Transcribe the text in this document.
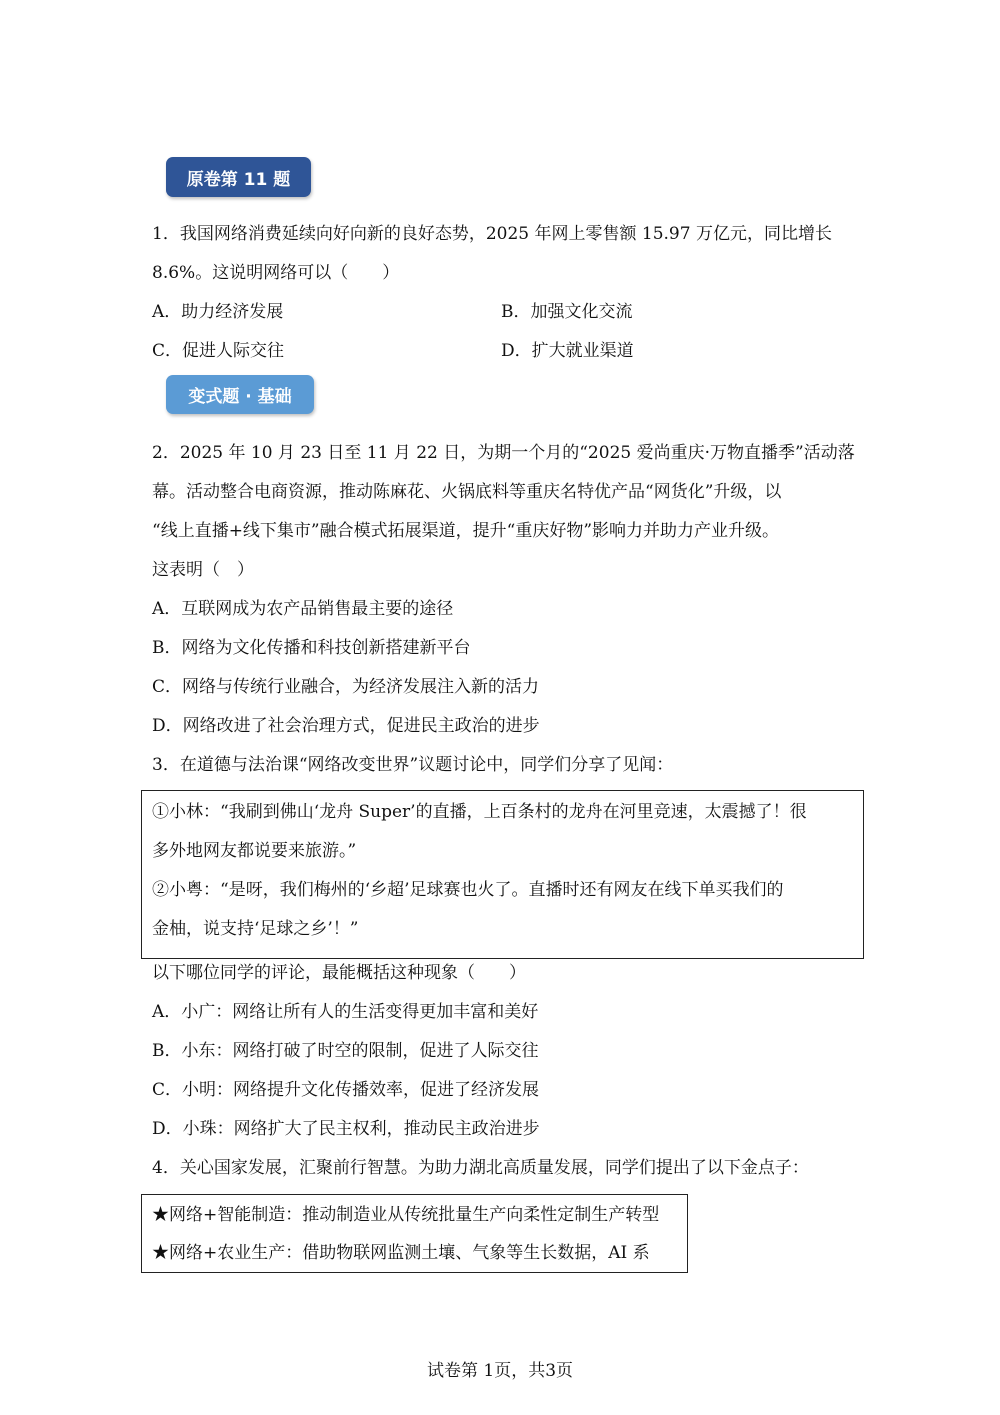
原卷第 11 题
1．我国网络消费延续向好向新的良好态势，2025 年网上零售额 15.97 万亿元，同比增长
8.6%。这说明网络可以（　　）
A．助力经济发展	B．加强文化交流
C．促进人际交往	D．扩大就业渠道
变式题 · 基础
2．2025 年 10 月 23 日至 11 月 22 日，为期一个月的“2025 爱尚重庆·万物直播季”活动落
幕。活动整合电商资源，推动陈麻花、火锅底料等重庆名特优产品“网货化”升级，以
“线上直播+线下集市”融合模式拓展渠道，提升“重庆好物”影响力并助力产业升级。
这表明（　）
A．互联网成为农产品销售最主要的途径
B．网络为文化传播和科技创新搭建新平台
C．网络与传统行业融合，为经济发展注入新的活力
D．网络改进了社会治理方式，促进民主政治的进步
3．在道德与法治课“网络改变世界”议题讨论中，同学们分享了见闻：
①小林：“我刷到佛山‘龙舟 Super’的直播，上百条村的龙舟在河里竞速，太震撼了！很
多外地网友都说要来旅游。”
②小粤：“是呀，我们梅州的‘乡超’足球赛也火了。直播时还有网友在线下单买我们的
金柚，说支持‘足球之乡’！”
以下哪位同学的评论，最能概括这种现象（　　）
A．小广：网络让所有人的生活变得更加丰富和美好
B．小东：网络打破了时空的限制，促进了人际交往
C．小明：网络提升文化传播效率，促进了经济发展
D．小珠：网络扩大了民主权利，推动民主政治进步
4．关心国家发展，汇聚前行智慧。为助力湖北高质量发展，同学们提出了以下金点子：
★网络+智能制造：推动制造业从传统批量生产向柔性定制生产转型
★网络+农业生产：借助物联网监测土壤、气象等生长数据，AI 系
试卷第 1页，共3页
